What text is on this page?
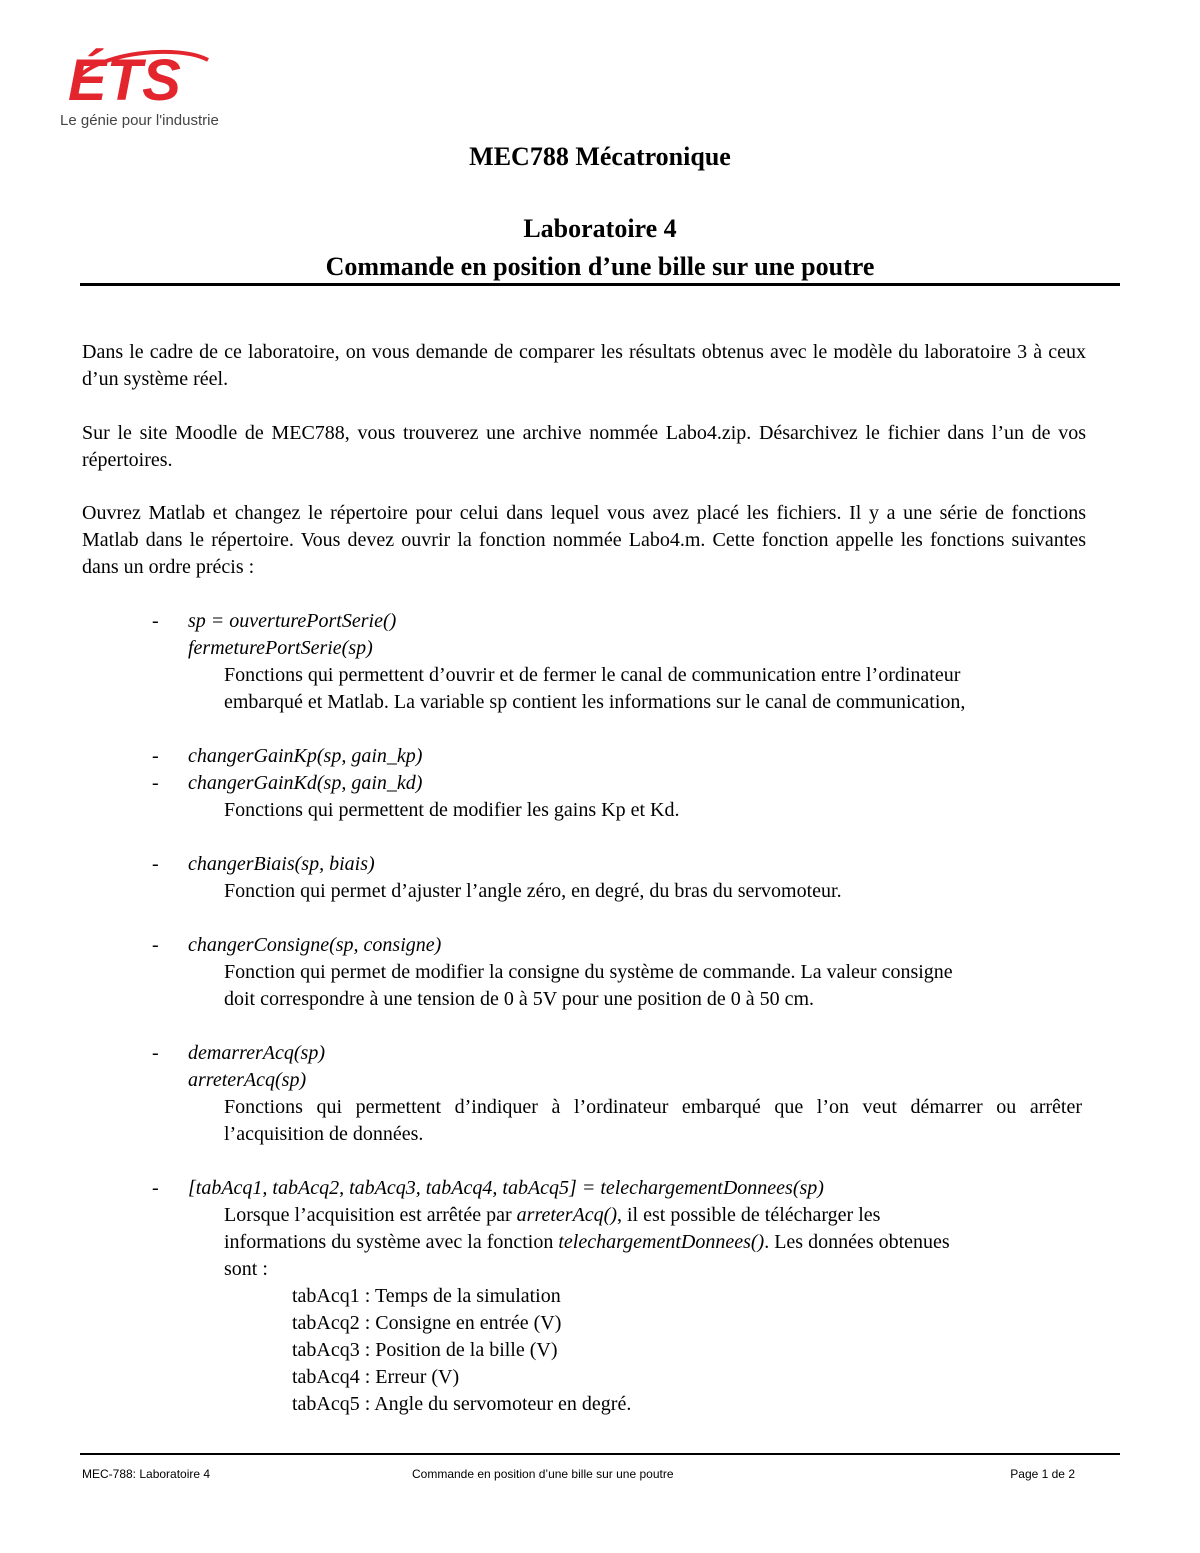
ÉTS
Le génie pour l'industrie
MEC788 Mécatronique
Laboratoire 4
Commande en position d’une bille sur une poutre
Dans le cadre de ce laboratoire, on vous demande de comparer les résultats obtenus avec le modèle du laboratoire 3 à ceux d’un système réel.
Sur le site Moodle de MEC788, vous trouverez une archive nommée Labo4.zip. Désarchivez le fichier dans l’un de vos répertoires.
Ouvrez Matlab et changez le répertoire pour celui dans lequel vous avez placé les fichiers. Il y a une série de fonctions Matlab dans le répertoire. Vous devez ouvrir la fonction nommée Labo4.m. Cette fonction appelle les fonctions suivantes dans un ordre précis :
- sp = ouverturePortSerie()
fermeturePortSerie(sp)
Fonctions qui permettent d’ouvrir et de fermer le canal de communication entre l’ordinateur
embarqué et Matlab. La variable sp contient les informations sur le canal de communication,
- changerGainKp(sp, gain_kp)
- changerGainKd(sp, gain_kd)
Fonctions qui permettent de modifier les gains Kp et Kd.
- changerBiais(sp, biais)
Fonction qui permet d’ajuster l’angle zéro, en degré, du bras du servomoteur.
- changerConsigne(sp, consigne)
Fonction qui permet de modifier la consigne du système de commande. La valeur consigne
doit correspondre à une tension de 0 à 5V pour une position de 0 à 50 cm.
- demarrerAcq(sp)
arreterAcq(sp)
Fonctions qui permettent d’indiquer à l’ordinateur embarqué que l’on veut démarrer ou arrêter l’acquisition de données.
- [tabAcq1, tabAcq2, tabAcq3, tabAcq4, tabAcq5] = telechargementDonnees(sp)
Lorsque l’acquisition est arrêtée par arreterAcq(), il est possible de télécharger les
informations du système avec la fonction telechargementDonnees(). Les données obtenues
sont :
tabAcq1 : Temps de la simulation
tabAcq2 : Consigne en entrée (V)
tabAcq3 : Position de la bille (V)
tabAcq4 : Erreur (V)
tabAcq5 : Angle du servomoteur en degré.
MEC-788: Laboratoire 4	Commande en position d’une bille sur une poutre	Page 1 de 2
